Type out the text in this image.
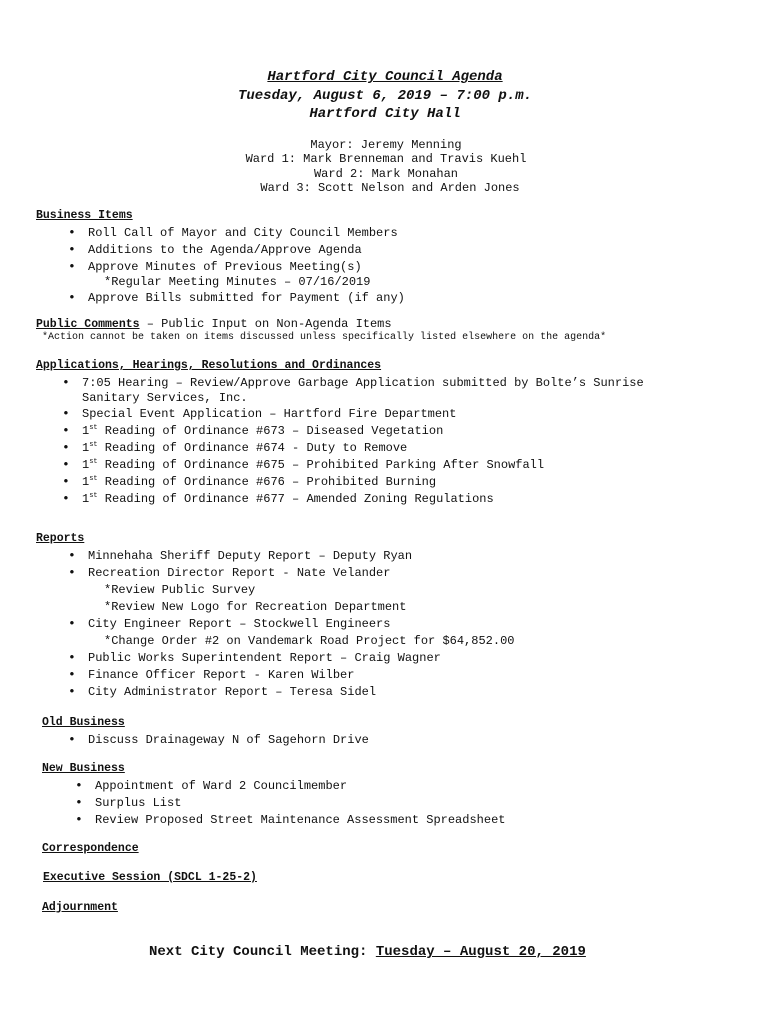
Hartford City Council Agenda
Tuesday, August 6, 2019 – 7:00 p.m.
Hartford City Hall
Mayor: Jeremy Menning
Ward 1: Mark Brenneman and Travis Kuehl
Ward 2: Mark Monahan
Ward 3: Scott Nelson and Arden Jones
Business Items
• Roll Call of Mayor and City Council Members
• Additions to the Agenda/Approve Agenda
• Approve Minutes of Previous Meeting(s)
*Regular Meeting Minutes – 07/16/2019
• Approve Bills submitted for Payment (if any)
Public Comments – Public Input on Non-Agenda Items
*Action cannot be taken on items discussed unless specifically listed elsewhere on the agenda*
Applications, Hearings, Resolutions and Ordinances
• 7:05 Hearing – Review/Approve Garbage Application submitted by Bolte’s Sunrise
Sanitary Services, Inc.
• Special Event Application – Hartford Fire Department
• 1st Reading of Ordinance #673 – Diseased Vegetation
• 1st Reading of Ordinance #674 - Duty to Remove
• 1st Reading of Ordinance #675 – Prohibited Parking After Snowfall
• 1st Reading of Ordinance #676 – Prohibited Burning
• 1st Reading of Ordinance #677 – Amended Zoning Regulations
Reports
• Minnehaha Sheriff Deputy Report – Deputy Ryan
• Recreation Director Report - Nate Velander
*Review Public Survey
*Review New Logo for Recreation Department
• City Engineer Report – Stockwell Engineers
*Change Order #2 on Vandemark Road Project for $64,852.00
• Public Works Superintendent Report – Craig Wagner
• Finance Officer Report - Karen Wilber
• City Administrator Report – Teresa Sidel
Old Business
• Discuss Drainageway N of Sagehorn Drive
New Business
• Appointment of Ward 2 Councilmember
• Surplus List
• Review Proposed Street Maintenance Assessment Spreadsheet
Correspondence
Executive Session (SDCL 1-25-2)
Adjournment
Next City Council Meeting: Tuesday – August 20, 2019
